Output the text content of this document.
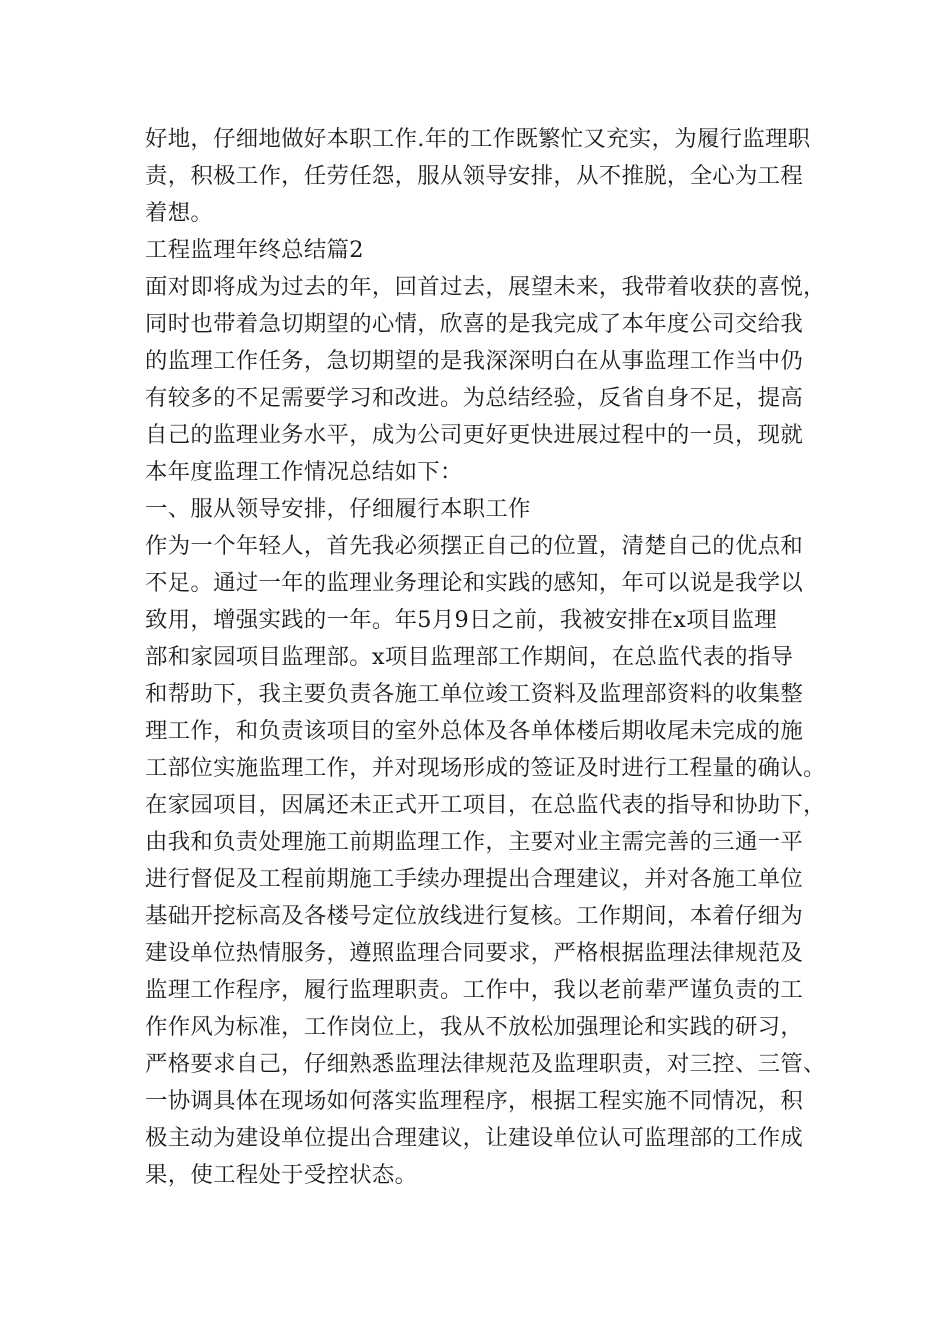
好地，仔细地做好本职工作.年的工作既繁忙又充实，为履行监理职
责，积极工作，任劳任怨，服从领导安排，从不推脱，全心为工程
着想。
工程监理年终总结篇2
面对即将成为过去的年，回首过去，展望未来，我带着收获的喜悦，
同时也带着急切期望的心情，欣喜的是我完成了本年度公司交给我
的监理工作任务，急切期望的是我深深明白在从事监理工作当中仍
有较多的不足需要学习和改进。为总结经验，反省自身不足，提高
自己的监理业务水平，成为公司更好更快进展过程中的一员，现就
本年度监理工作情况总结如下：
一、服从领导安排，仔细履行本职工作
作为一个年轻人，首先我必须摆正自己的位置，清楚自己的优点和
不足。通过一年的监理业务理论和实践的感知，年可以说是我学以
致用，增强实践的一年。年5月9日之前，我被安排在x项目监理
部和家园项目监理部。x项目监理部工作期间，在总监代表的指导
和帮助下，我主要负责各施工单位竣工资料及监理部资料的收集整
理工作，和负责该项目的室外总体及各单体楼后期收尾未完成的施
工部位实施监理工作，并对现场形成的签证及时进行工程量的确认。
在家园项目，因属还未正式开工项目，在总监代表的指导和协助下，
由我和负责处理施工前期监理工作，主要对业主需完善的三通一平
进行督促及工程前期施工手续办理提出合理建议，并对各施工单位
基础开挖标高及各楼号定位放线进行复核。工作期间，本着仔细为
建设单位热情服务，遵照监理合同要求，严格根据监理法律规范及
监理工作程序，履行监理职责。工作中，我以老前辈严谨负责的工
作作风为标准，工作岗位上，我从不放松加强理论和实践的研习，
严格要求自己，仔细熟悉监理法律规范及监理职责，对三控、三管、
一协调具体在现场如何落实监理程序，根据工程实施不同情况，积
极主动为建设单位提出合理建议，让建设单位认可监理部的工作成
果，使工程处于受控状态。
